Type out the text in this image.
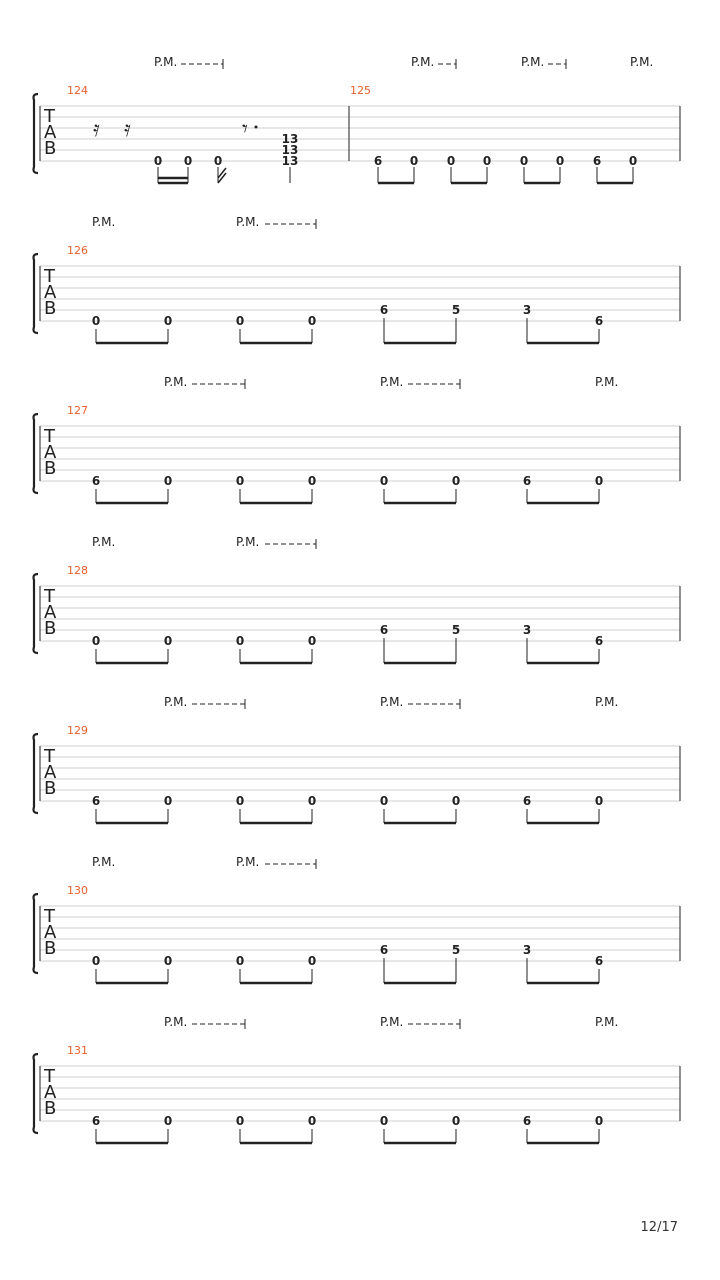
T
A
B
124	125
𝄿 𝄿	𝄾
0 0 0
13
13
13	6 0 0 0 0 0 6 0
P.M.	P.M.	P.M.	P.M.
T
A
B
126
0	0	0	0
6	5	3
6
P.M.	P.M.
T
A
B
127
6	0	0	0	0	0	6	0
P.M.	P.M.	P.M.
T
A
B
128
0	0	0	0
6	5	3
6
P.M.	P.M.
T
A
B
129
6	0	0	0	0	0	6	0
P.M.	P.M.	P.M.
T
A
B
130
0	0	0	0
6	5	3
6
P.M.	P.M.
T
A
B
131
6	0	0	0	0	0	6	0
P.M.	P.M.	P.M.
12/17
